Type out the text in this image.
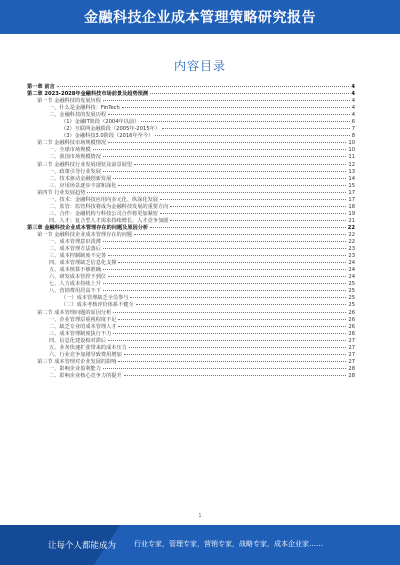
金融科技企业成本管理策略研究报告
内容目录
第一章 前言	4
第二章 2023-2028年金融科技市场前景及趋势预测	4
第一节 金融科技的发展历程	4
一、什么是金融科技：FinTech	4
二、金融科技的发展历程	4
（1）金融IT阶段（2004年以前）	6
（2）互联网金融阶段（2005年-2015年）	7
（3）金融科技3.0阶段（2016年至今）	8
第二节 金融科技市场规模情况	10
一、全球市场规模	10
二、我国市场规模情况	11
第三节 金融科技行业发展现状及前景展望	12
一、政策引导行业发展	13
二、技术驱动金融创新发展	14
三、应用场景逐步丰富和深化	15
第四节 行业发展趋势	17
一、技术：金融科技应用向多元化、纵深化发展	17
二、监管：监管科技将成为金融科技发展的重要方向	18
三、合作：金融机构与科技公司合作将更加紧密	19
四、人才：复合型人才需求持续增长，人才竞争加剧	21
第三章 金融科技企业成本管理存在的问题及原因分析	22
第一节 金融科技企业成本管理存在的问题	22
一、成本管理意识淡薄	22
二、成本管理方法落后	23
三、成本控制制度不完善	23
四、成本管理缺乏信息化支撑	24
五、成本核算不够准确	24
六、研发成本管控不到位	24
七、人力成本持续上升	25
八、营销费用居高不下	25
（一）成本管理缺乏全员参与	25
（二）成本考核评价体系不健全	25
第二节 成本管理问题的原因分析	26
一、企业管理层重视程度不足	26
二、缺乏专业的成本管理人才	26
三、成本管理制度执行不力	26
四、信息化建设相对滞后	27
五、业务快速扩张带来的成本压力	27
六、行业竞争加剧导致费用增加	27
第三节 成本管理对企业发展的影响	27
一、影响企业盈利能力	28
二、影响企业核心竞争力的提升	28
1
让每个人都能成为	行业专家，管理专家，营销专家，战略专家，成本企业家……
